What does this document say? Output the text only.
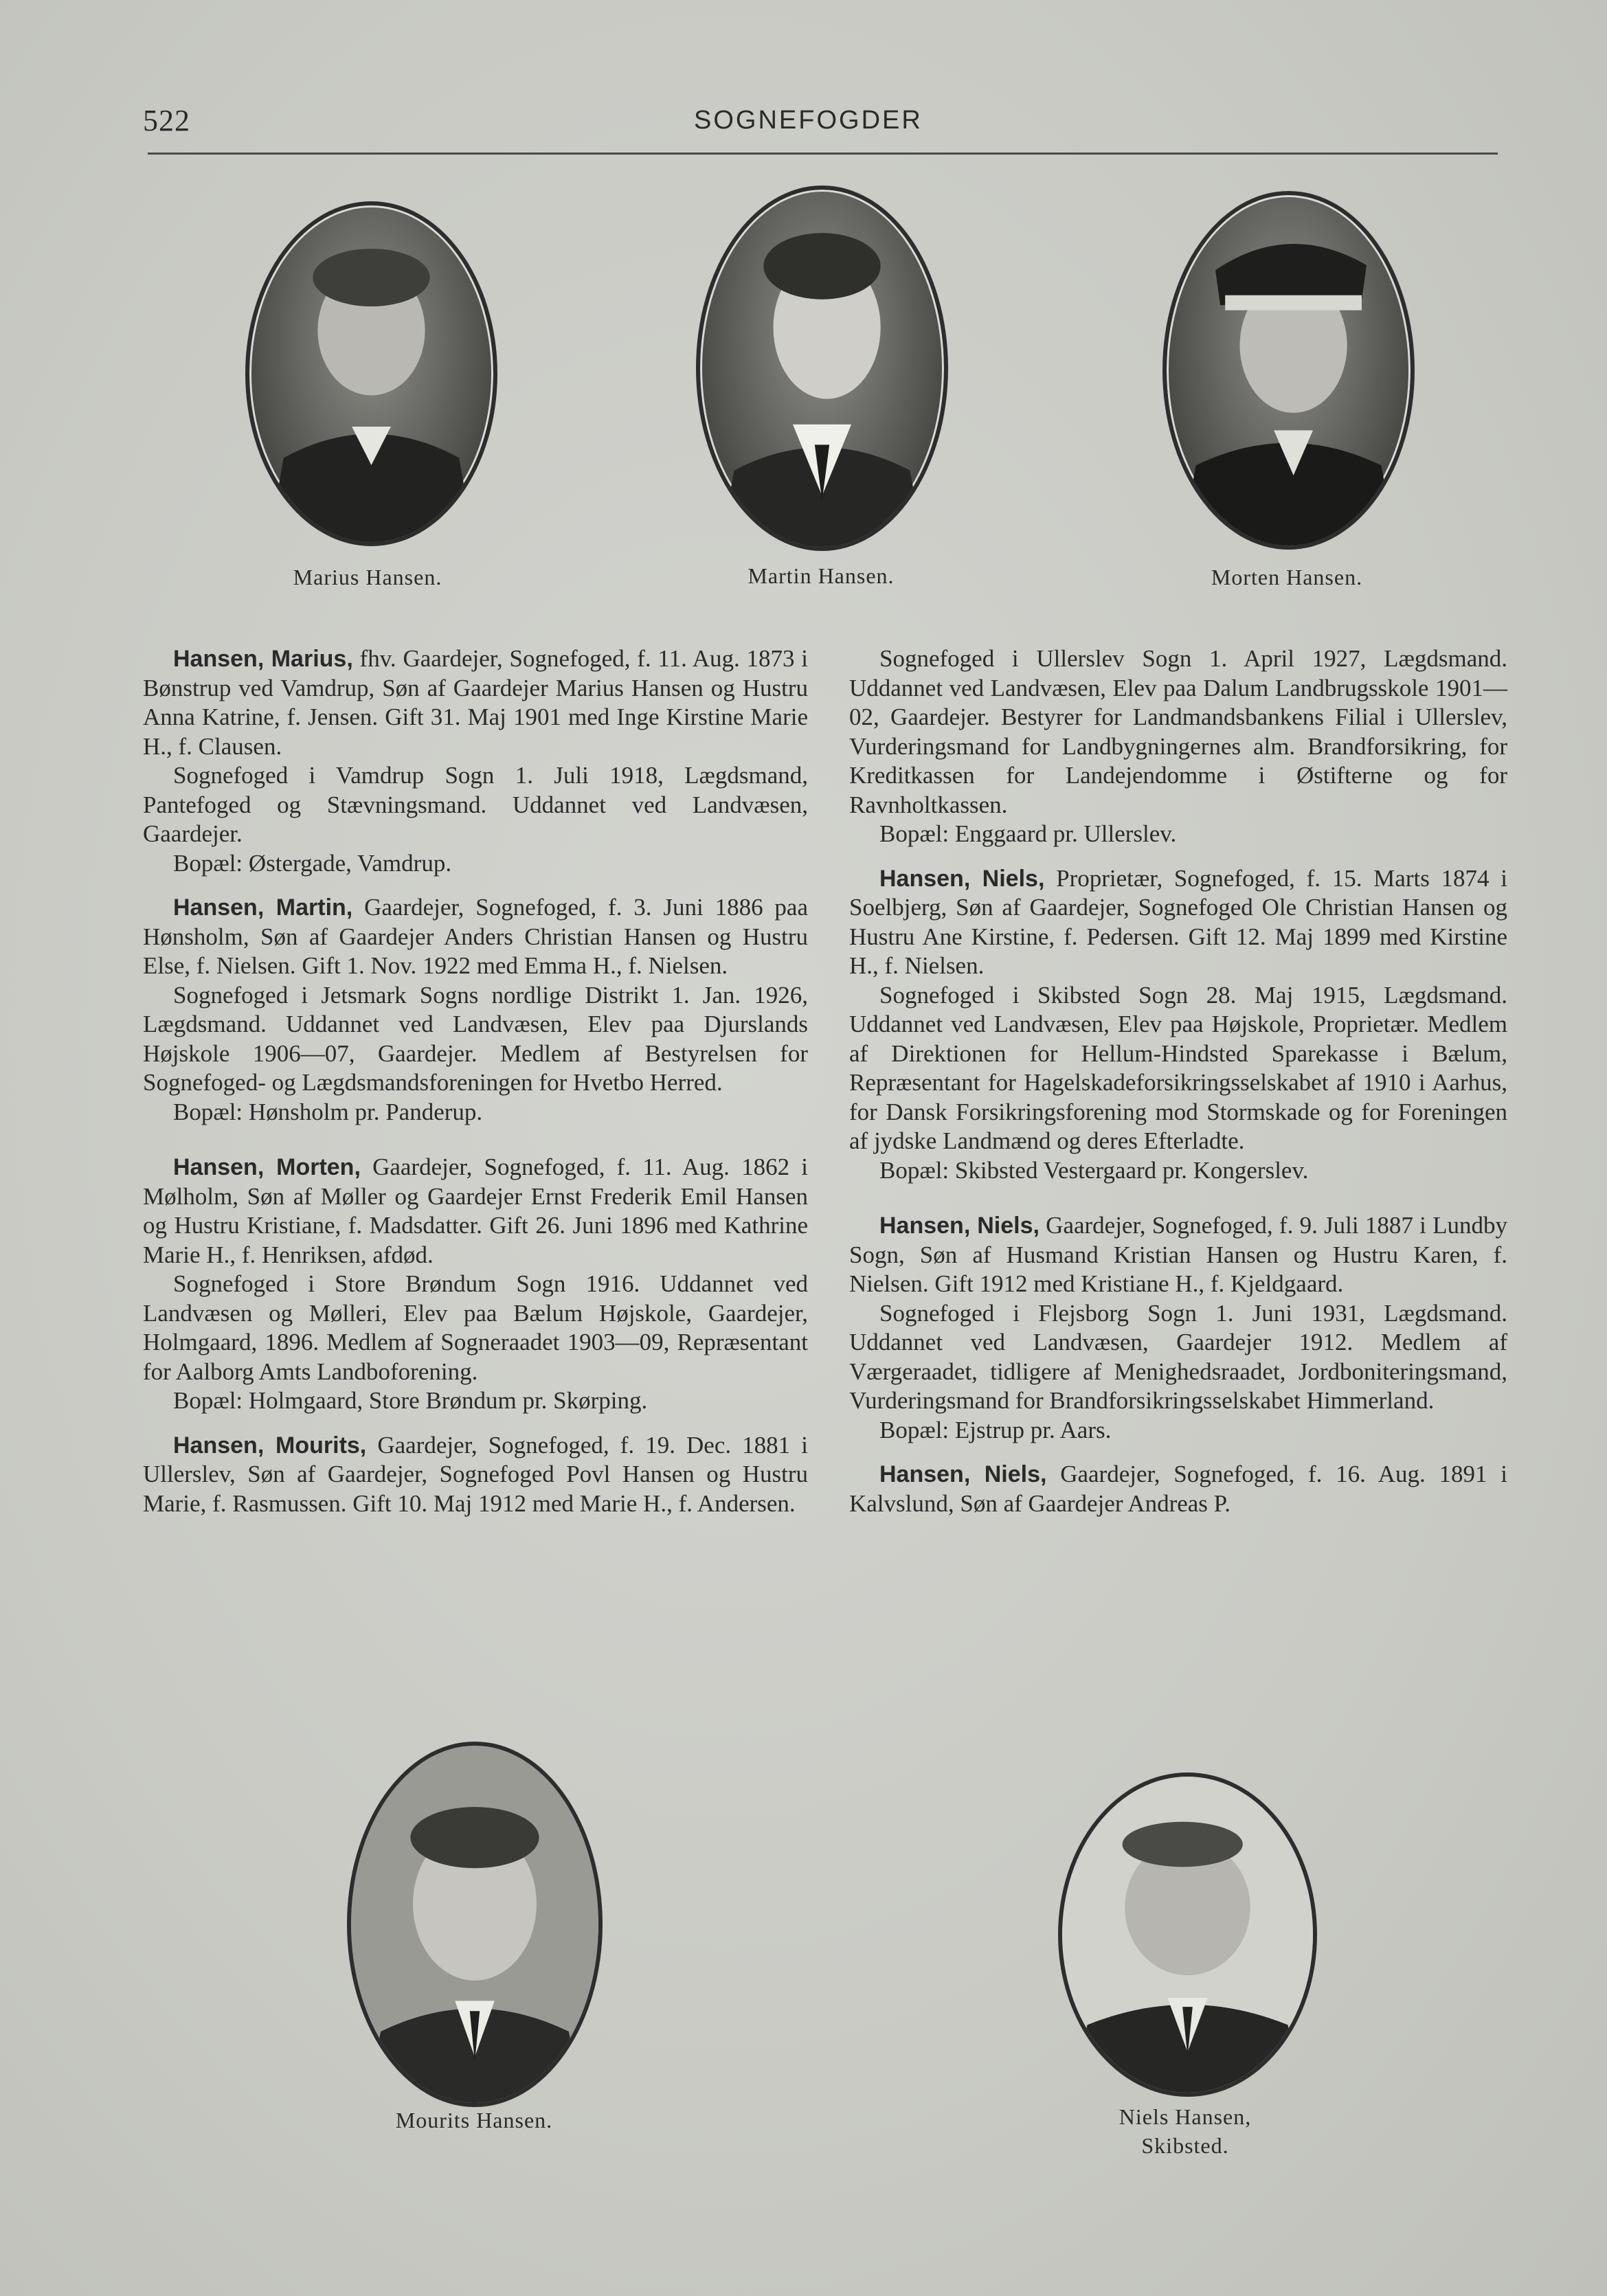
522	SOGNEFOGDER
Marius Hansen.	Martin Hansen.	Morten Hansen.

Hansen, Marius, fhv. Gaardejer, Sognefoged, f. 11. Aug. 1873 i Bønstrup ved Vamdrup, Søn af Gaardejer Marius Hansen og Hustru Anna Katrine, f. Jensen. Gift 31. Maj 1901 med Inge Kirstine Marie H., f. Clausen.

Sognefoged i Vamdrup Sogn 1. Juli 1918, Lægdsmand, Pantefoged og Stævningsmand. Uddannet ved Landvæsen, Gaardejer.

Bopæl: Østergade, Vamdrup.

Hansen, Martin, Gaardejer, Sognefoged, f. 3. Juni 1886 paa Hønsholm, Søn af Gaardejer Anders Christian Hansen og Hustru Else, f. Nielsen. Gift 1. Nov. 1922 med Emma H., f. Nielsen.

Sognefoged i Jetsmark Sogns nordlige Distrikt 1. Jan. 1926, Lægdsmand. Uddannet ved Landvæsen, Elev paa Djurslands Højskole 1906—07, Gaardejer. Medlem af Bestyrelsen for Sognefoged- og Lægdsmandsforeningen for Hvetbo Herred.

Bopæl: Hønsholm pr. Panderup.

Hansen, Morten, Gaardejer, Sognefoged, f. 11. Aug. 1862 i Mølholm, Søn af Møller og Gaardejer Ernst Frederik Emil Hansen og Hustru Kristiane, f. Madsdatter. Gift 26. Juni 1896 med Kathrine Marie H., f. Henriksen, afdød.

Sognefoged i Store Brøndum Sogn 1916. Uddannet ved Landvæsen og Mølleri, Elev paa Bælum Højskole, Gaardejer, Holmgaard, 1896. Medlem af Sogneraadet 1903—09, Repræsentant for Aalborg Amts Landboforening.

Bopæl: Holmgaard, Store Brøndum pr. Skørping.

Hansen, Mourits, Gaardejer, Sognefoged, f. 19. Dec. 1881 i Ullerslev, Søn af Gaardejer, Sognefoged Povl Hansen og Hustru Marie, f. Rasmussen. Gift 10. Maj 1912 med Marie H., f. Andersen.

Sognefoged i Ullerslev Sogn 1. April 1927, Lægdsmand. Uddannet ved Landvæsen, Elev paa Dalum Landbrugsskole 1901—02, Gaardejer. Bestyrer for Landmandsbankens Filial i Ullerslev, Vurderingsmand for Landbygningernes alm. Brandforsikring, for Kreditkassen for Landejendomme i Østifterne og for Ravnholtkassen.

Bopæl: Enggaard pr. Ullerslev.

Hansen, Niels, Proprietær, Sognefoged, f. 15. Marts 1874 i Soelbjerg, Søn af Gaardejer, Sognefoged Ole Christian Hansen og Hustru Ane Kirstine, f. Pedersen. Gift 12. Maj 1899 med Kirstine H., f. Nielsen.

Sognefoged i Skibsted Sogn 28. Maj 1915, Lægdsmand. Uddannet ved Landvæsen, Elev paa Højskole, Proprietær. Medlem af Direktionen for Hellum-Hindsted Sparekasse i Bælum, Repræsentant for Hagelskadeforsikringsselskabet af 1910 i Aarhus, for Dansk Forsikringsforening mod Stormskade og for Foreningen af jydske Landmænd og deres Efterladte.

Bopæl: Skibsted Vestergaard pr. Kongerslev.

Hansen, Niels, Gaardejer, Sognefoged, f. 9. Juli 1887 i Lundby Sogn, Søn af Husmand Kristian Hansen og Hustru Karen, f. Nielsen. Gift 1912 med Kristiane H., f. Kjeldgaard.

Sognefoged i Flejsborg Sogn 1. Juni 1931, Lægdsmand. Uddannet ved Landvæsen, Gaardejer 1912. Medlem af Værgeraadet, tidligere af Menighedsraadet, Jordboniteringsmand, Vurderingsmand for Brandforsikringsselskabet Himmerland.

Bopæl: Ejstrup pr. Aars.

Hansen, Niels, Gaardejer, Sognefoged, f. 16. Aug. 1891 i Kalvslund, Søn af Gaardejer Andreas P.

Mourits Hansen.	Niels Hansen,
Skibsted.
